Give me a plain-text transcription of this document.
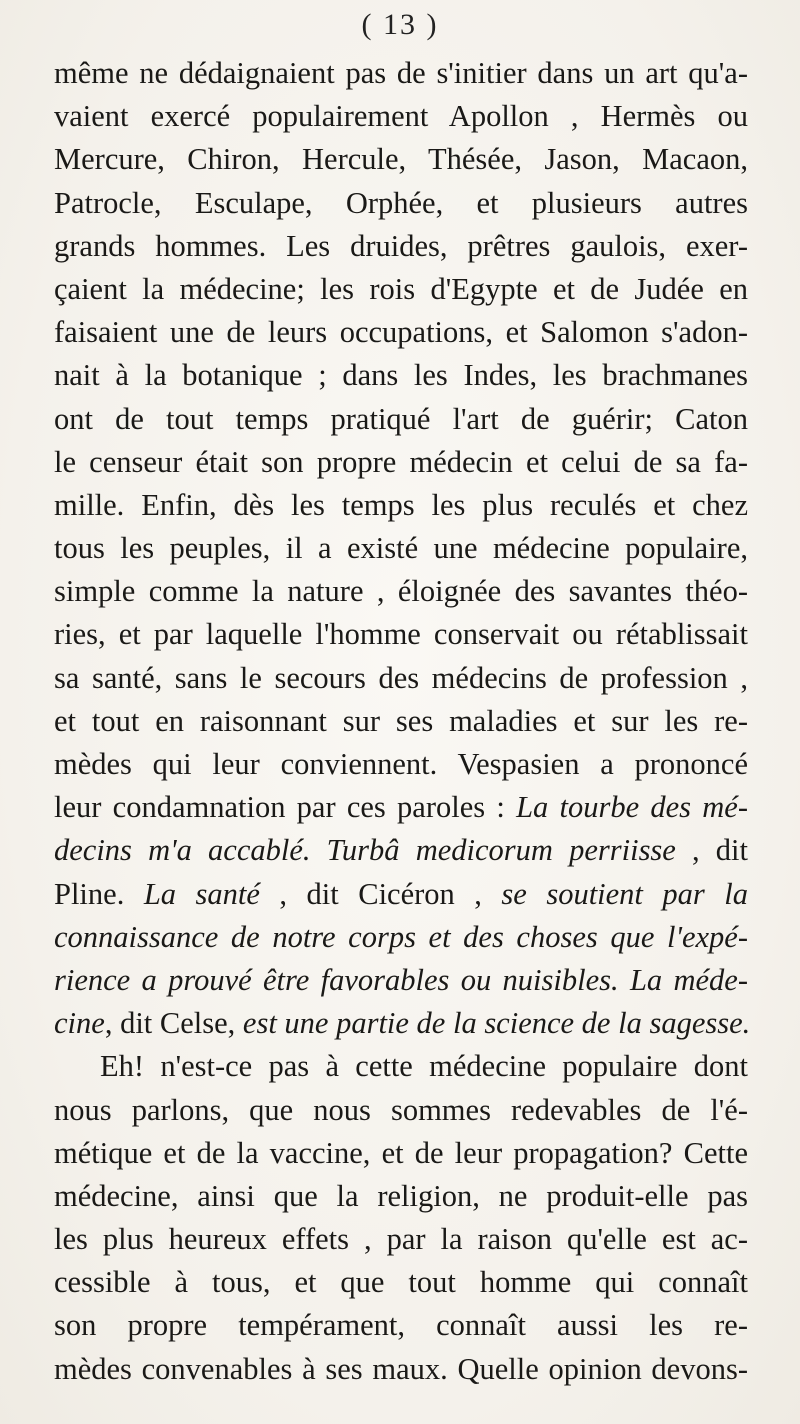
( 13 )
même ne dédaignaient pas de s'initier dans un art qu'a-
vaient exercé populairement Apollon , Hermès ou
Mercure, Chiron, Hercule, Thésée, Jason, Macaon,
Patrocle, Esculape, Orphée, et plusieurs autres
grands hommes. Les druides, prêtres gaulois, exer-
çaient la médecine; les rois d'Egypte et de Judée en
faisaient une de leurs occupations, et Salomon s'adon-
nait à la botanique ; dans les Indes, les brachmanes
ont de tout temps pratiqué l'art de guérir; Caton
le censeur était son propre médecin et celui de sa fa-
mille. Enfin, dès les temps les plus reculés et chez
tous les peuples, il a existé une médecine populaire,
simple comme la nature , éloignée des savantes théo-
ries, et par laquelle l'homme conservait ou rétablissait
sa santé, sans le secours des médecins de profession ,
et tout en raisonnant sur ses maladies et sur les re-
mèdes qui leur conviennent. Vespasien a prononcé
leur condamnation par ces paroles : La tourbe des mé-
decins m'a accablé. Turbâ medicorum perriisse , dit
Pline. La santé , dit Cicéron , se soutient par la
connaissance de notre corps et des choses que l'expé-
rience a prouvé être favorables ou nuisibles. La méde-
cine, dit Celse, est une partie de la science de la sagesse.
Eh! n'est-ce pas à cette médecine populaire dont
nous parlons, que nous sommes redevables de l'é-
métique et de la vaccine, et de leur propagation? Cette
médecine, ainsi que la religion, ne produit-elle pas
les plus heureux effets , par la raison qu'elle est ac-
cessible à tous, et que tout homme qui connaît
son propre tempérament, connaît aussi les re-
mèdes convenables à ses maux. Quelle opinion devons-
